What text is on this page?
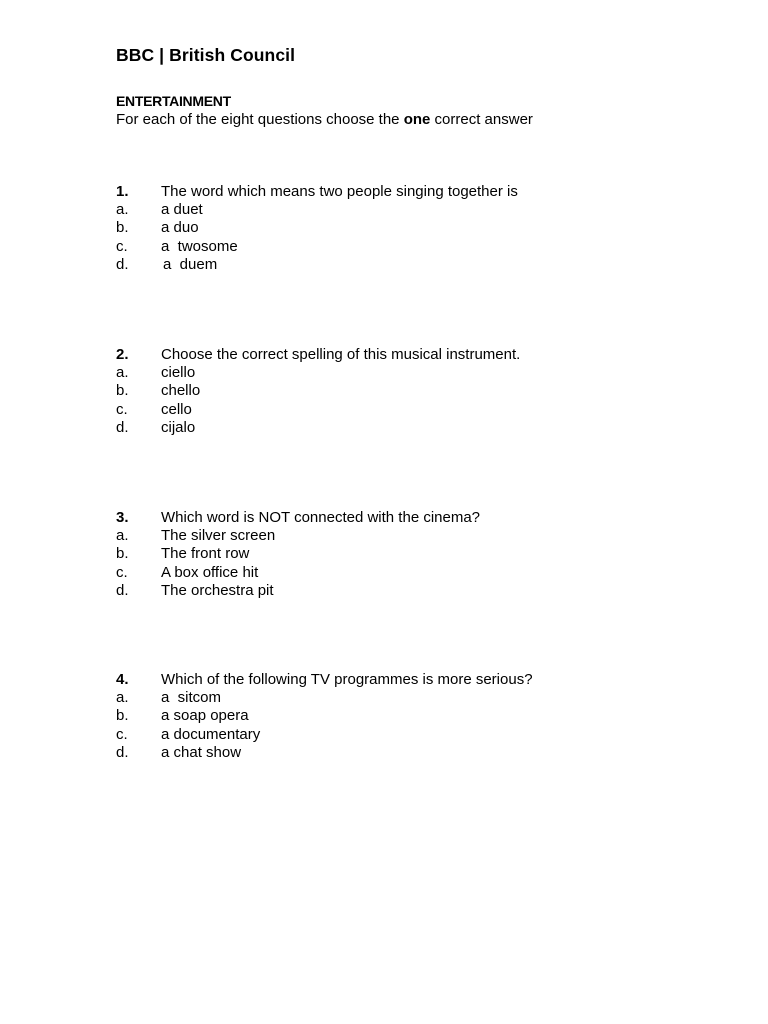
BBC | British Council
ENTERTAINMENT
For each of the eight questions choose the one correct answer
1. The word which means two people singing together is
a. a duet
b. a duo
c. a  twosome
d. a  duem
2. Choose the correct spelling of this musical instrument.
a. ciello
b. chello
c. cello
d. cijalo
3. Which word is NOT connected with the cinema?
a. The silver screen
b. The front row
c. A box office hit
d. The orchestra pit
4. Which of the following TV programmes is more serious?
a. a  sitcom
b. a soap opera
c. a documentary
d. a chat show
